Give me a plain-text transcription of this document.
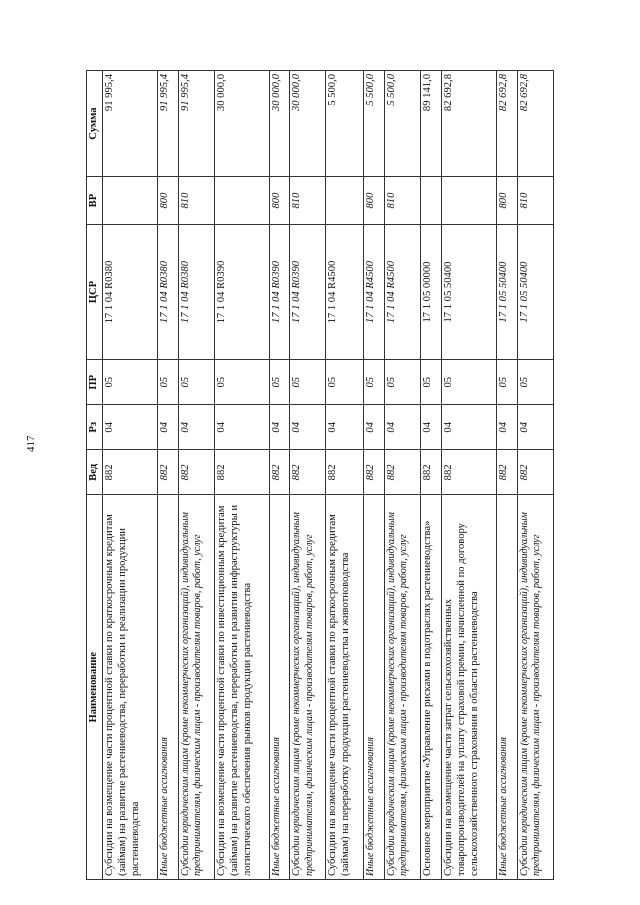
417
Наименование	Вед	Рз	ПР	ЦСР	ВР	Сумма
Субсидии на возмещение части процентной ставки по краткосрочным кредитам (займам) на развитие растениеводства, переработки и реализации продукции растениеводства	882	04	05	17 1 04 R0380		91 995,4
Иные бюджетные ассигнования	882	04	05	17 1 04 R0380	800	91 995,4
Субсидии юридическим лицам (кроме некоммерческих организаций), индивидуальным предпринимателям, физическим лицам - производителям товаров, работ, услуг	882	04	05	17 1 04 R0380	810	91 995,4
Субсидии на возмещение части процентной ставки по инвестиционным кредитам (займам) на развитие растениеводства, переработки и развития инфраструктуры и логистического обеспечения рынков продукции растениеводства	882	04	05	17 1 04 R0390		30 000,0
Иные бюджетные ассигнования	882	04	05	17 1 04 R0390	800	30 000,0
Субсидии юридическим лицам (кроме некоммерческих организаций), индивидуальным предпринимателям, физическим лицам - производителям товаров, работ, услуг	882	04	05	17 1 04 R0390	810	30 000,0
Субсидии на возмещение части процентной ставки по краткосрочным кредитам (займам) на переработку продукции растениеводства и животноводства	882	04	05	17 1 04 R4500		5 500,0
Иные бюджетные ассигнования	882	04	05	17 1 04 R4500	800	5 500,0
Субсидии юридическим лицам (кроме некоммерческих организаций), индивидуальным предпринимателям, физическим лицам - производителям товаров, работ, услуг	882	04	05	17 1 04 R4500	810	5 500,0
Основное мероприятие «Управление рисками в подотраслях растениеводства»	882	04	05	17 1 05 00000		89 141,0
Субсидии на возмещение части затрат сельскохозяйственных товаропроизводителей на уплату страховой премии, начисленной по договору сельскохозяйственного страхования в области растениеводства	882	04	05	17 1 05 50400		82 692,8
Иные бюджетные ассигнования	882	04	05	17 1 05 50400	800	82 692,8
Субсидии юридическим лицам (кроме некоммерческих организаций), индивидуальным предпринимателям, физическим лицам - производителям товаров, работ, услуг	882	04	05	17 1 05 50400	810	82 692,8
